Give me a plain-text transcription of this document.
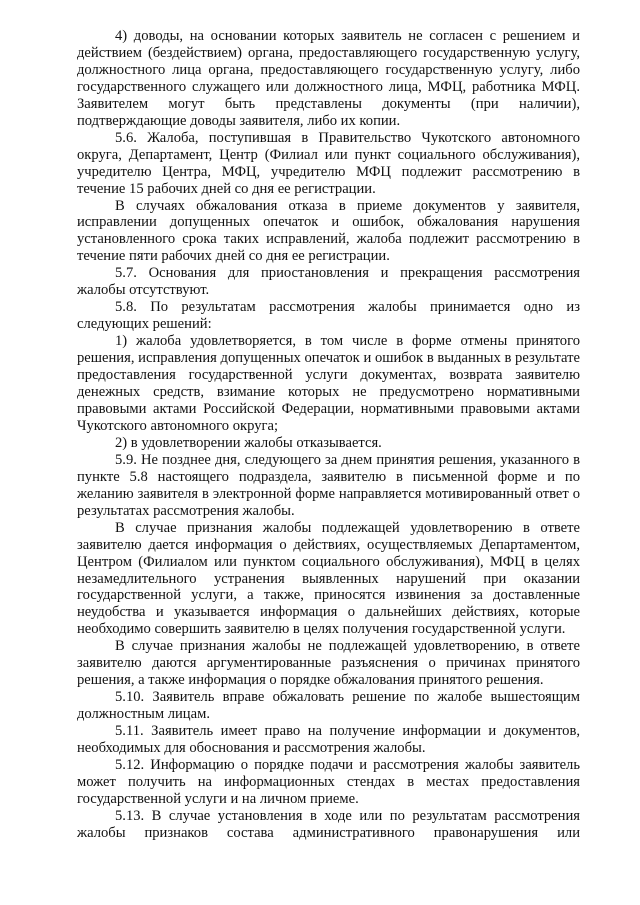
4) доводы, на основании которых заявитель не согласен с решением и действием (бездействием) органа, предоставляющего государственную услугу, должностного лица органа, предоставляющего государственную услугу, либо государственного служащего или должностного лица, МФЦ, работника МФЦ. Заявителем могут быть представлены документы (при наличии), подтверждающие доводы заявителя, либо их копии.

5.6. Жалоба, поступившая в Правительство Чукотского автономного округа, Департамент, Центр (Филиал или пункт социального обслуживания), учредителю Центра, МФЦ, учредителю МФЦ подлежит рассмотрению в течение 15 рабочих дней со дня ее регистрации.

В случаях обжалования отказа в приеме документов у заявителя, исправлении допущенных опечаток и ошибок, обжалования нарушения установленного срока таких исправлений, жалоба подлежит рассмотрению в течение пяти рабочих дней со дня ее регистрации.

5.7. Основания для приостановления и прекращения рассмотрения жалобы отсутствуют.

5.8. По результатам рассмотрения жалобы принимается одно из следующих решений:

1) жалоба удовлетворяется, в том числе в форме отмены принятого решения, исправления допущенных опечаток и ошибок в выданных в результате предоставления государственной услуги документах, возврата заявителю денежных средств, взимание которых не предусмотрено нормативными правовыми актами Российской Федерации, нормативными правовыми актами Чукотского автономного округа;

2) в удовлетворении жалобы отказывается.

5.9. Не позднее дня, следующего за днем принятия решения, указанного в пункте 5.8 настоящего подраздела, заявителю в письменной форме и по желанию заявителя в электронной форме направляется мотивированный ответ о результатах рассмотрения жалобы.

В случае признания жалобы подлежащей удовлетворению в ответе заявителю дается информация о действиях, осуществляемых Департаментом, Центром (Филиалом или пунктом социального обслуживания), МФЦ в целях незамедлительного устранения выявленных нарушений при оказании государственной услуги, а также, приносятся извинения за доставленные неудобства и указывается информация о дальнейших действиях, которые необходимо совершить заявителю в целях получения государственной услуги.

В случае признания жалобы не подлежащей удовлетворению, в ответе заявителю даются аргументированные разъяснения о причинах принятого решения, а также информация о порядке обжалования принятого решения.

5.10. Заявитель вправе обжаловать решение по жалобе вышестоящим должностным лицам.

5.11. Заявитель имеет право на получение информации и документов, необходимых для обоснования и рассмотрения жалобы.

5.12. Информацию о порядке подачи и рассмотрения жалобы заявитель может получить на информационных стендах в местах предоставления государственной услуги и на личном приеме.

5.13. В случае установления в ходе или по результатам рассмотрения жалобы признаков состава административного правонарушения или
